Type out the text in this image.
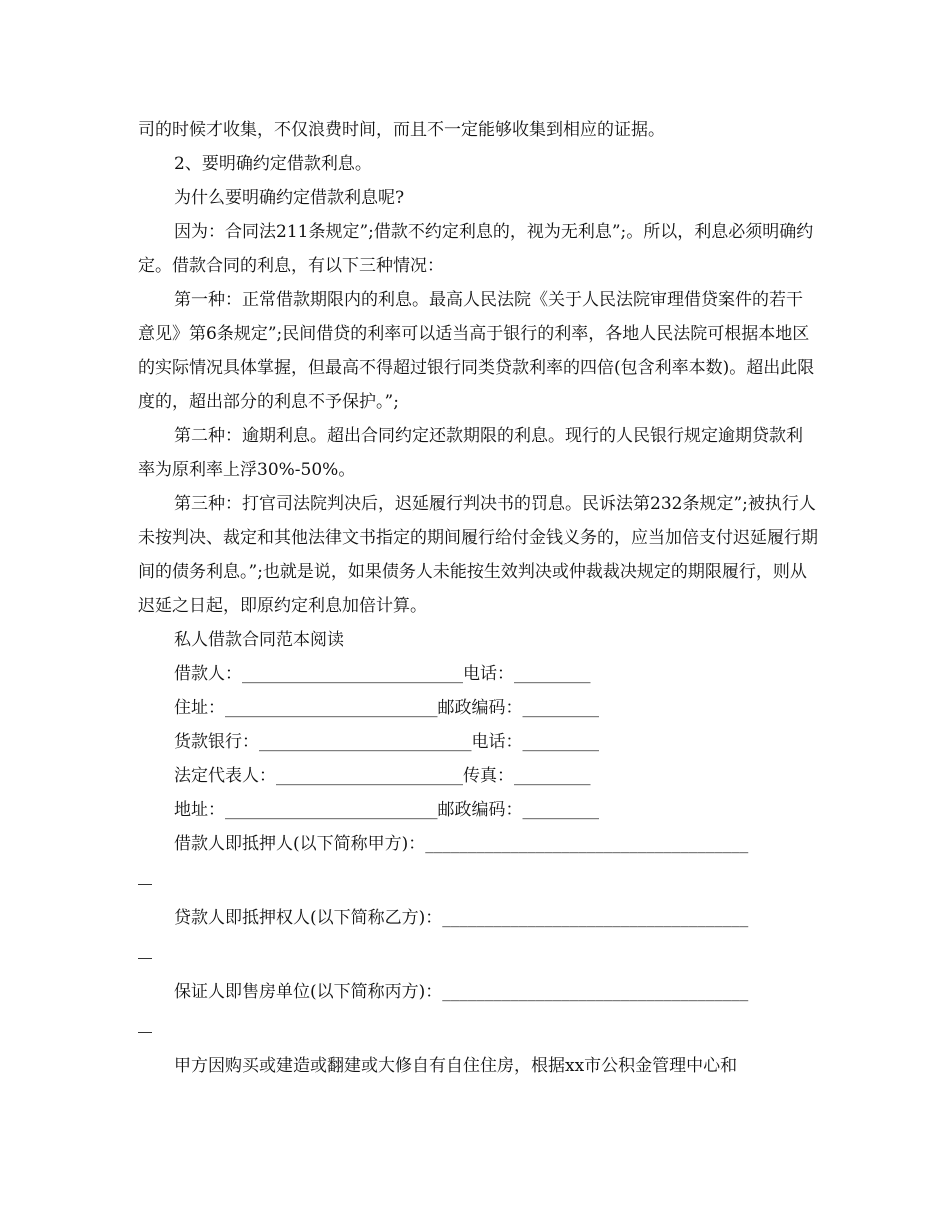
司的时候才收集，不仅浪费时间，而且不一定能够收集到相应的证据。

2、要明确约定借款利息。

为什么要明确约定借款利息呢?

因为：合同法211条规定”;借款不约定利息的，视为无利息”;。所以，利息必须明确约定。借款合同的利息，有以下三种情况：

第一种：正常借款期限内的利息。最高人民法院《关于人民法院审理借贷案件的若干意见》第6条规定”;民间借贷的利率可以适当高于银行的利率，各地人民法院可根据本地区的实际情况具体掌握，但最高不得超过银行同类贷款利率的四倍(包含利率本数)。超出此限度的，超出部分的利息不予保护。”;

第二种：逾期利息。超出合同约定还款期限的利息。现行的人民银行规定逾期贷款利率为原利率上浮30%-50%。

第三种：打官司法院判决后，迟延履行判决书的罚息。民诉法第232条规定”;被执行人未按判决、裁定和其他法律文书指定的期间履行给付金钱义务的，应当加倍支付迟延履行期间的债务利息。”;也就是说，如果债务人未能按生效判决或仲裁裁决规定的期限履行，则从迟延之日起，即原约定利息加倍计算。

私人借款合同范本阅读

借款人：__________________________电话：_________

住址：_________________________邮政编码：_________

货款银行：_________________________电话：_________

法定代表人：______________________传真：_________

地址：_________________________邮政编码：_________

借款人即抵押人(以下简称甲方)：______________________________________

贷款人即抵押权人(以下简称乙方)：____________________________________

保证人即售房单位(以下简称丙方)：____________________________________

甲方因购买或建造或翻建或大修自有自住住房，根据xx市公积金管理中心和
